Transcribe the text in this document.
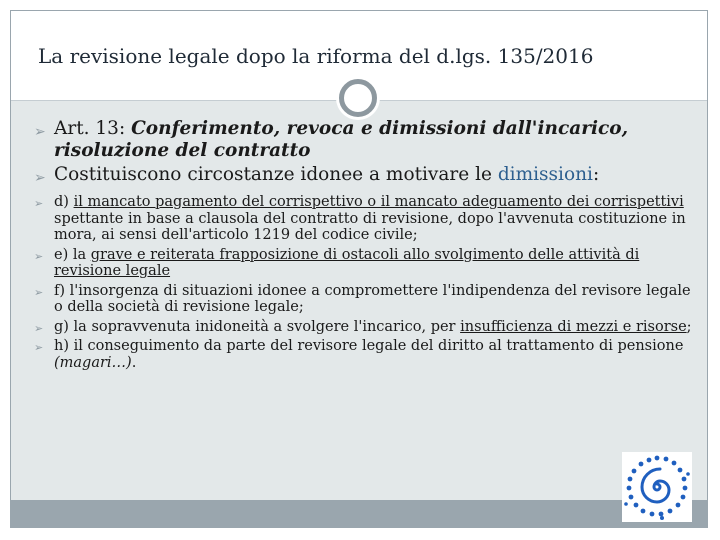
La revisione legale dopo la riforma del d.lgs. 135/2016
➢ Art. 13: Conferimento, revoca e dimissioni dall'incarico, risoluzione del contratto
➢ Costituiscono circostanze idonee a motivare le dimissioni:
➢ d) il mancato pagamento del corrispettivo o il mancato adeguamento dei corrispettivi spettante in base a clausola del contratto di revisione, dopo l'avvenuta costituzione in mora, ai sensi dell'articolo 1219 del codice civile;
➢ e) la grave e reiterata frapposizione di ostacoli allo svolgimento delle attività di revisione legale
➢ f) l'insorgenza di situazioni idonee a compromettere l'indipendenza del revisore legale o della società di revisione legale;
➢ g) la sopravvenuta inidoneità a svolgere l'incarico, per insufficienza di mezzi e risorse;
➢ h) il conseguimento da parte del revisore legale del diritto al trattamento di pensione (magari…).
